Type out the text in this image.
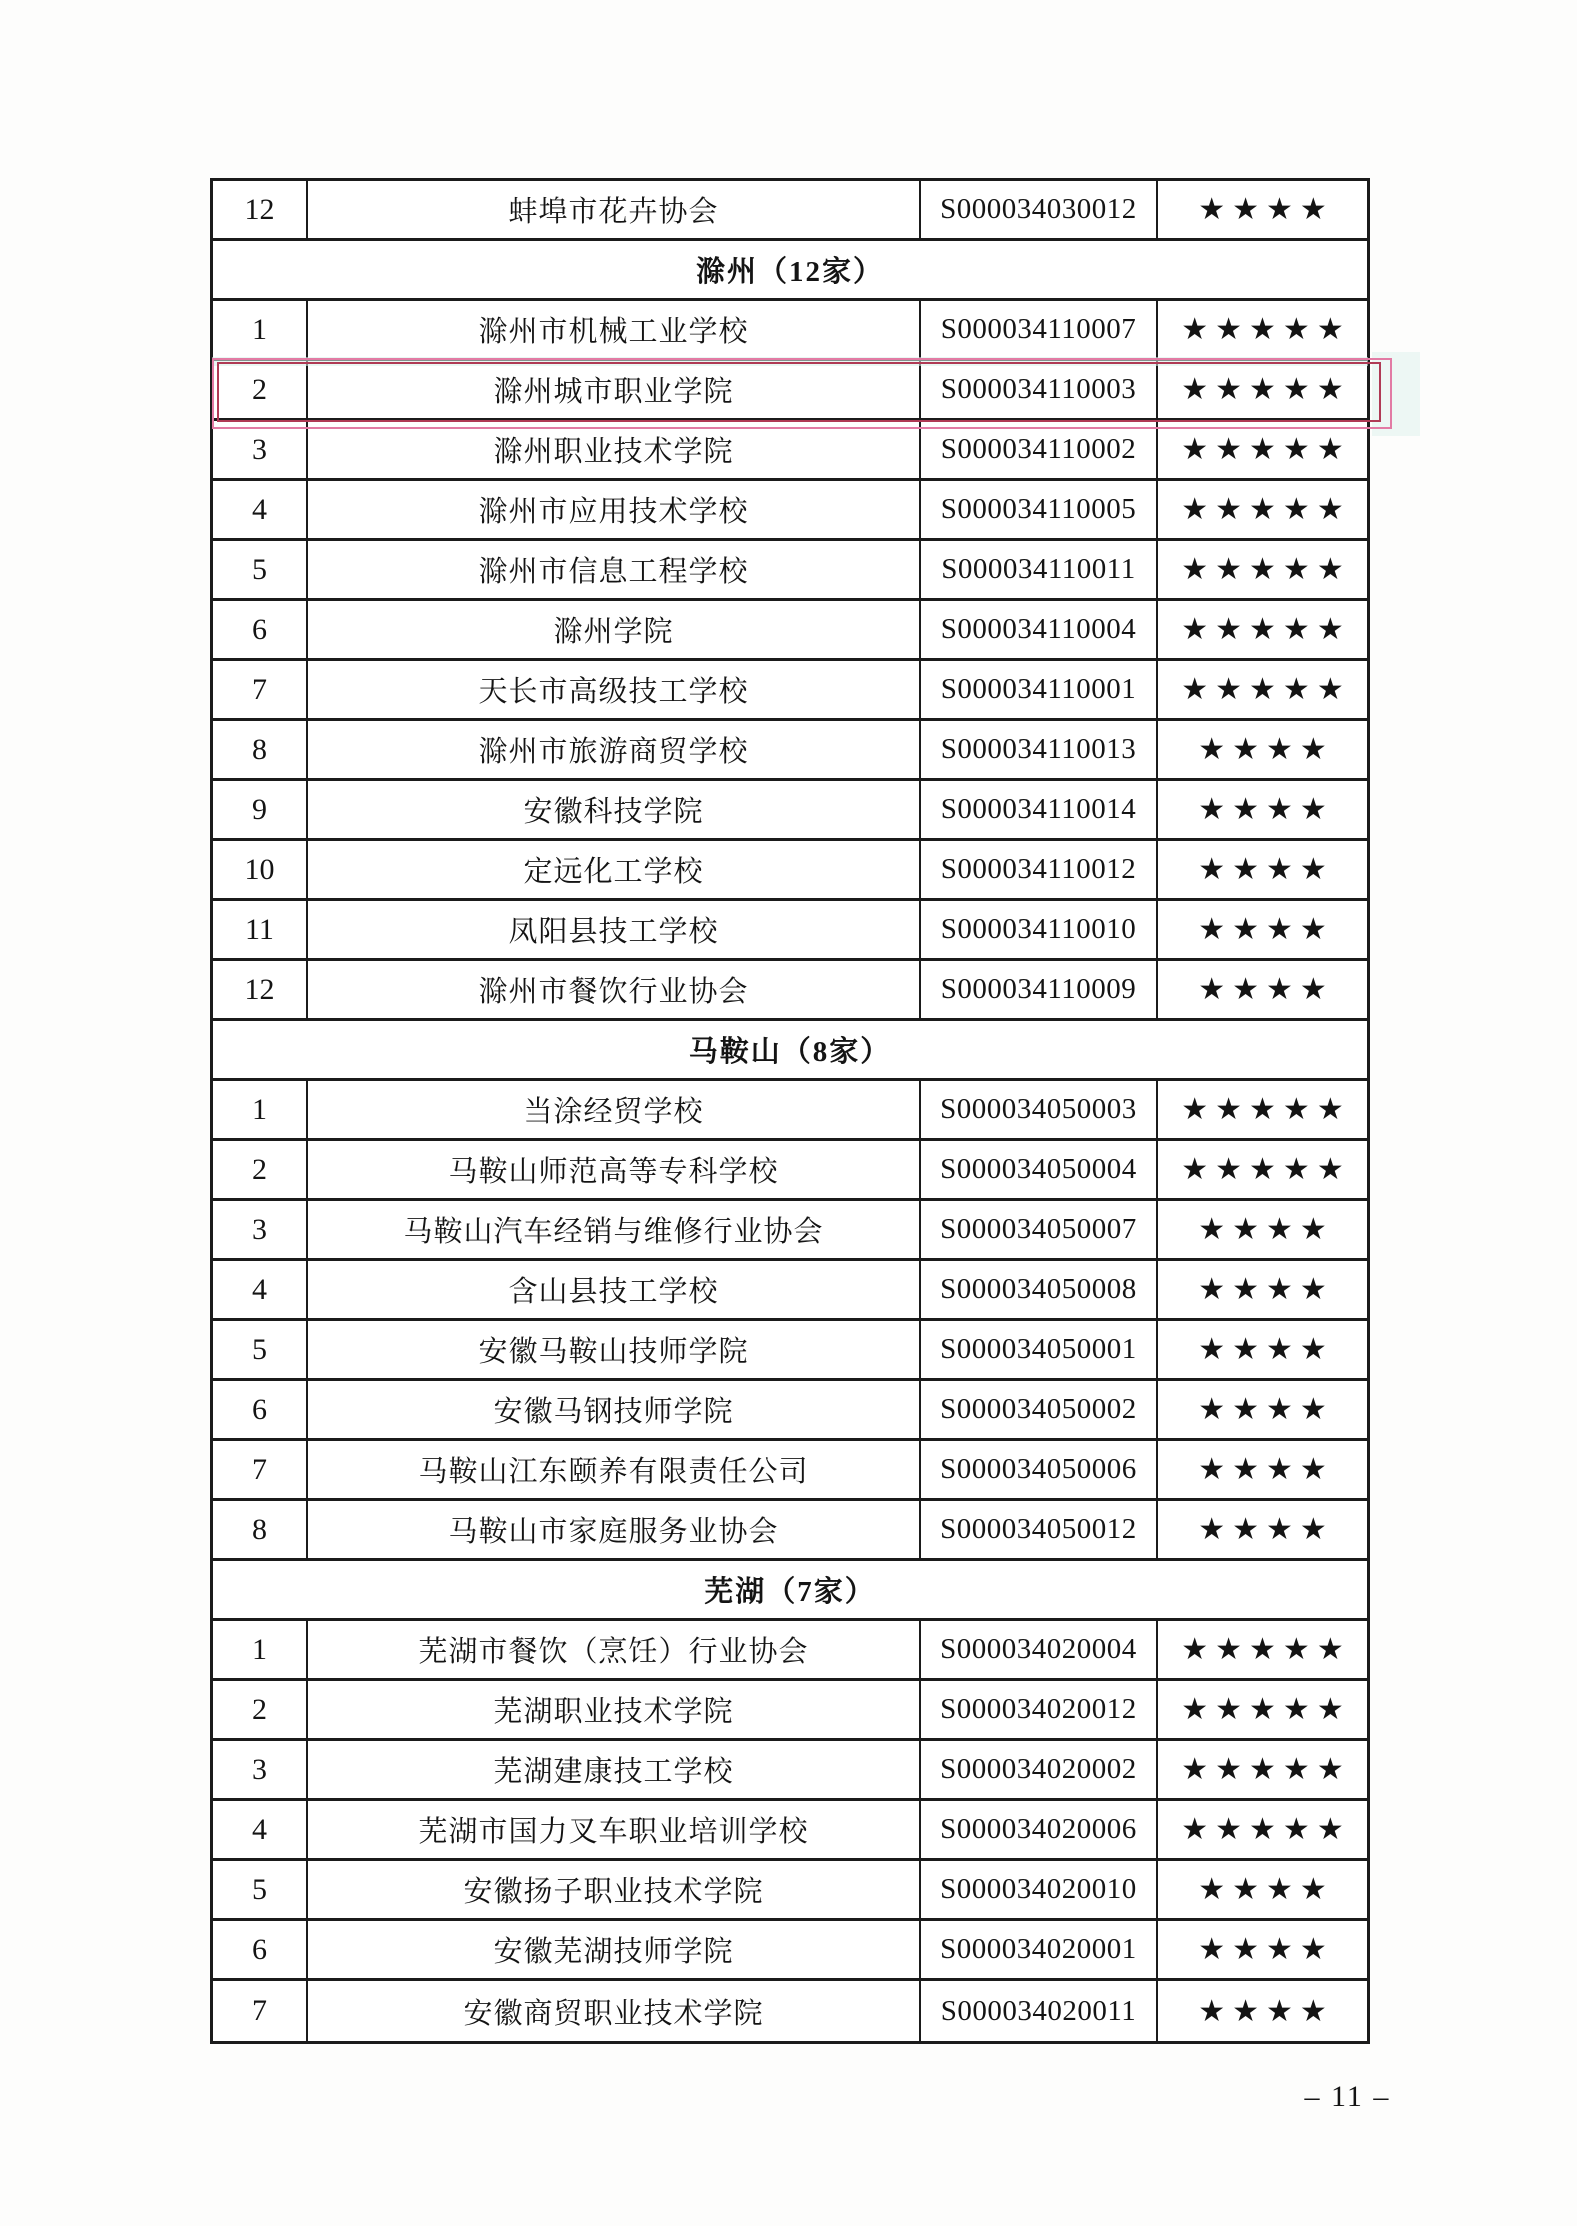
12	蚌埠市花卉协会	S000034030012 ★★★★
滁州（12家）
1	滁州市机械工业学校	S000034110007 ★★★★★
2	滁州城市职业学院	S000034110003 ★★★★★
3	滁州职业技术学院	S000034110002 ★★★★★
4	滁州市应用技术学校	S000034110005 ★★★★★
5	滁州市信息工程学校	S000034110011 ★★★★★
6	滁州学院	S000034110004 ★★★★★
7	天长市高级技工学校	S000034110001 ★★★★★
8	滁州市旅游商贸学校	S000034110013 ★★★★
9	安徽科技学院	S000034110014 ★★★★
10	定远化工学校	S000034110012 ★★★★
11	凤阳县技工学校	S000034110010 ★★★★
12	滁州市餐饮行业协会	S000034110009 ★★★★
马鞍山（8家）
1	当涂经贸学校	S000034050003 ★★★★★
2	马鞍山师范高等专科学校	S000034050004 ★★★★★
3	马鞍山汽车经销与维修行业协会	S000034050007 ★★★★
4	含山县技工学校	S000034050008 ★★★★
5	安徽马鞍山技师学院	S000034050001 ★★★★
6	安徽马钢技师学院	S000034050002 ★★★★
7	马鞍山江东颐养有限责任公司	S000034050006 ★★★★
8	马鞍山市家庭服务业协会	S000034050012 ★★★★
芜湖（7家）
1	芜湖市餐饮（烹饪）行业协会	S000034020004 ★★★★★
2	芜湖职业技术学院	S000034020012 ★★★★★
3	芜湖建康技工学校	S000034020002 ★★★★★
4	芜湖市国力叉车职业培训学校	S000034020006 ★★★★★
5	安徽扬子职业技术学院	S000034020010 ★★★★
6	安徽芜湖技师学院	S000034020001 ★★★★
7	安徽商贸职业技术学院	S000034020011 ★★★★
– 11 –
